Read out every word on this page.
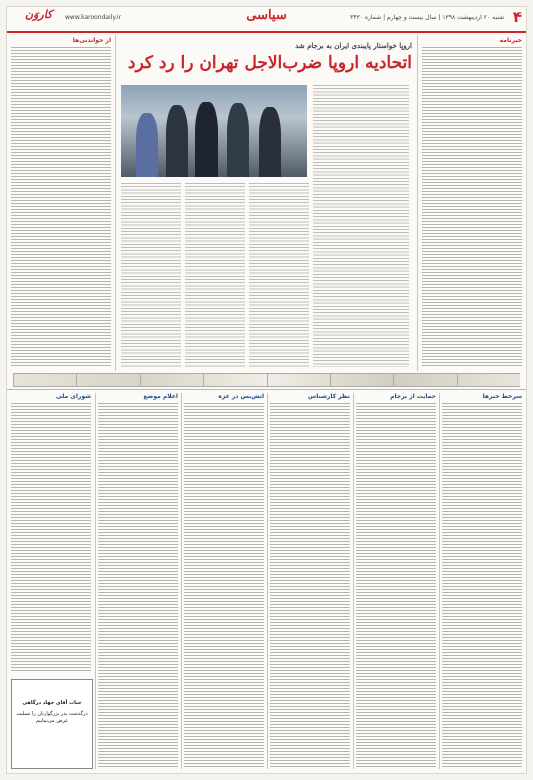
۴
سیاسی
کاروَن www.karoondaily.ir	شنبه ۲۰ اردیبهشت ۱۳۹۸ | سال بیست و چهارم | شماره ۳۴۳۰
خبرنامه
از خواندنی‌ها
اروپا خواستار پایبندی ایران به برجام شد
اتحادیه اروپا ضرب‌الاجل تهران را رد کرد
سرخط خبرها
حمایت از برجام
نظر کارشناس
آتش‌بس در غزه
اعلام موضع
شورای ملی
جناب آقای جهاد درگاهی
درگذشت پدر بزرگوارتان را تسلیت عرض می‌نماییم
